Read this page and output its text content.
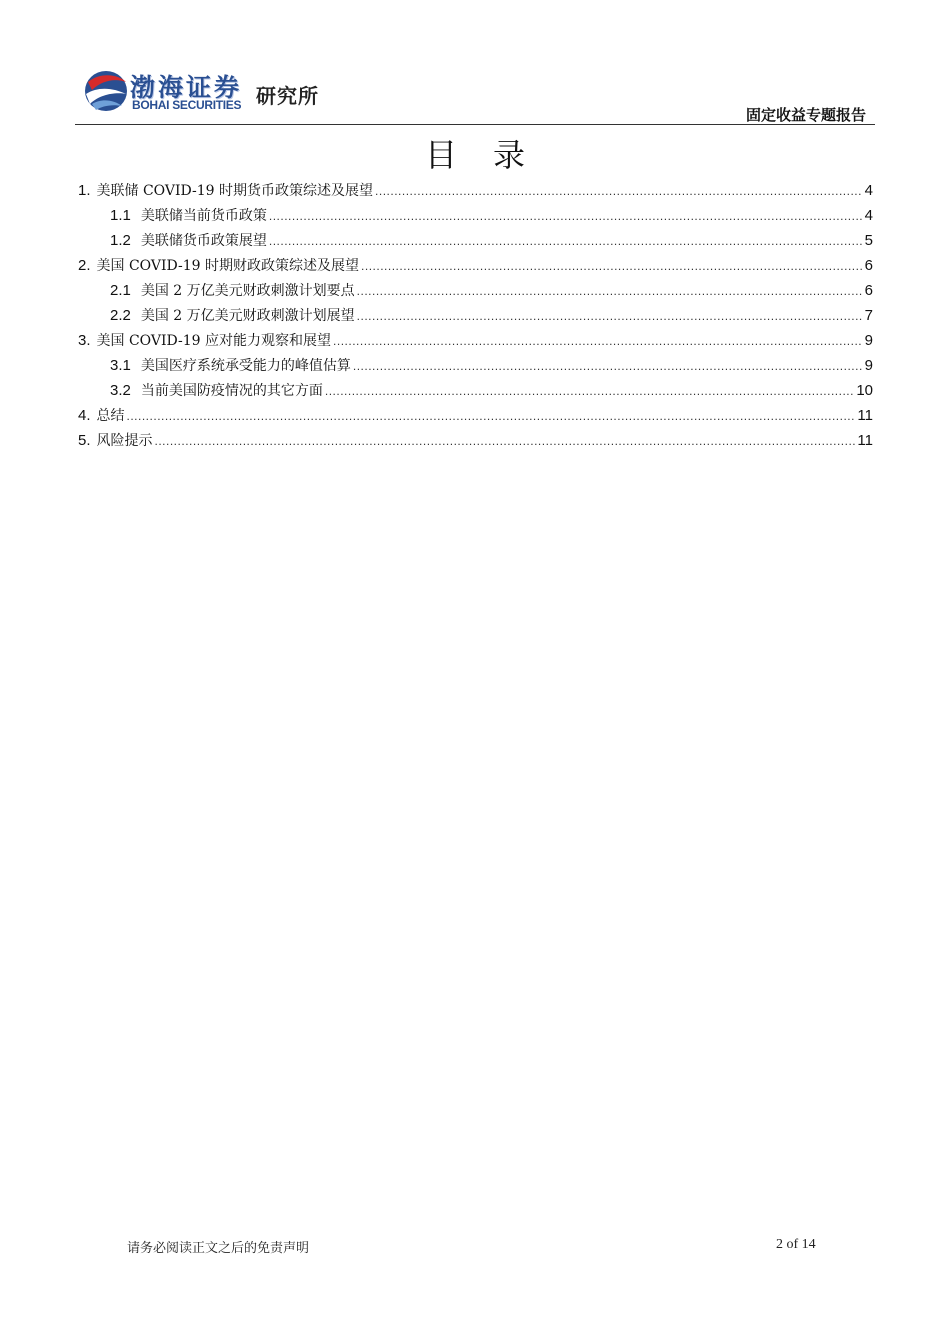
渤海证券
BOHAI SECURITIES 研究所
固定收益专题报告
目录
1. 美联储 COVID-19 时期货币政策综述及展望 .....	4
1.1 美联储当前货币政策 .....	4
1.2 美联储货币政策展望 .....	5
2. 美国 COVID-19 时期财政政策综述及展望 .....	6
2.1 美国 2 万亿美元财政刺激计划要点 .....	6
2.2 美国 2 万亿美元财政刺激计划展望 .....	7
3. 美国 COVID-19 应对能力观察和展望 .....	9
3.1 美国医疗系统承受能力的峰值估算 .....	9
3.2 当前美国防疫情况的其它方面 .....	10
4. 总结 .....	11
5. 风险提示 .....	11
请务必阅读正文之后的免责声明	2 of 14
